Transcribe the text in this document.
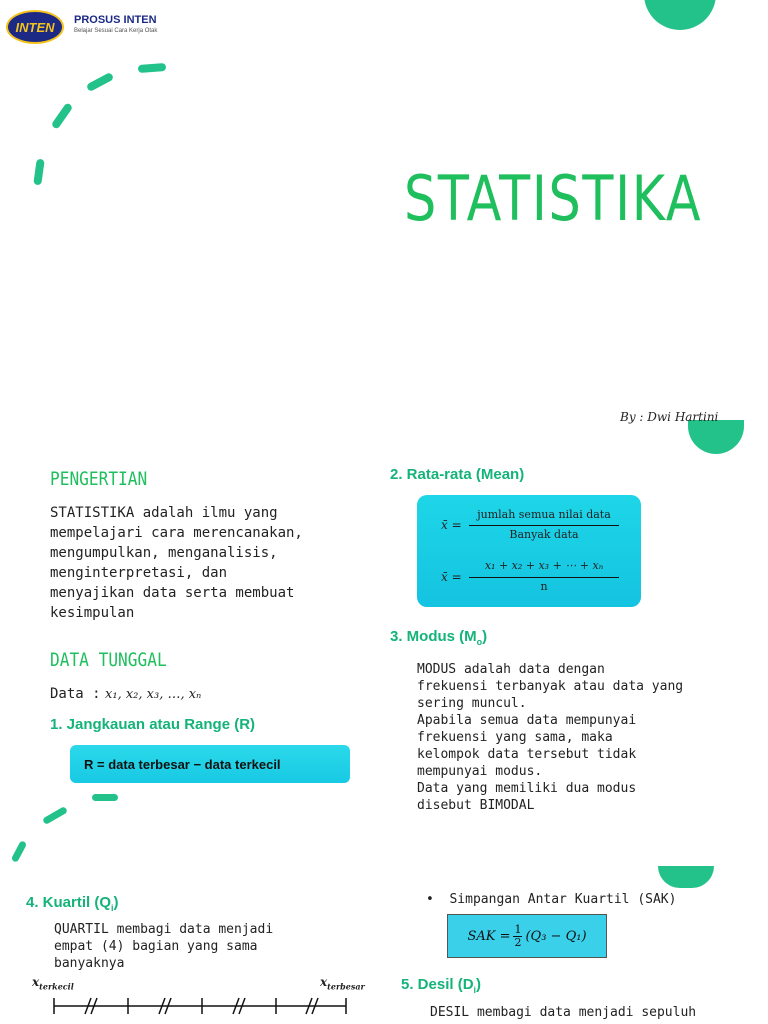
INTEN PROSUS INTEN
Belajar Sesuai Cara Kerja Otak
STATISTIKA
By : Dwi Hartini
PENGERTIAN
STATISTIKA adalah ilmu yang
mempelajari cara merencanakan,
mengumpulkan, menganalisis,
menginterpretasi, dan
menyajikan data serta membuat
kesimpulan
DATA TUNGGAL
Data : x₁, x₂, x₃, …, xₙ
1. Jangkauan atau Range (R)
R = data terbesar − data terkecil
2. Rata-rata (Mean)
x̄ =
jumlah semua nilai data
Banyak data
x̄ =
x₁ + x₂ + x₃ + ⋯ + xₙ
n
3. Modus $(M_o)$
MODUS adalah data dengan
frekuensi terbanyak atau data yang
sering muncul.
Apabila semua data mempunyai
frekuensi yang sama, maka
kelompok data tersebut tidak
mempunyai modus.
Data yang memiliki dua modus
disebut BIMODAL
4. Kuartil $(Q_i)$
QUARTIL membagi data menjadi
empat (4) bagian yang sama
banyaknya
$x_{terkecil}$	$x_{terbesar}$
•  Simpangan Antar Kuartil (SAK)
SAK = 1
2 (Q₃ − Q₁)
5. Desil $(D_i)$
DESIL membagi data menjadi sepuluh
